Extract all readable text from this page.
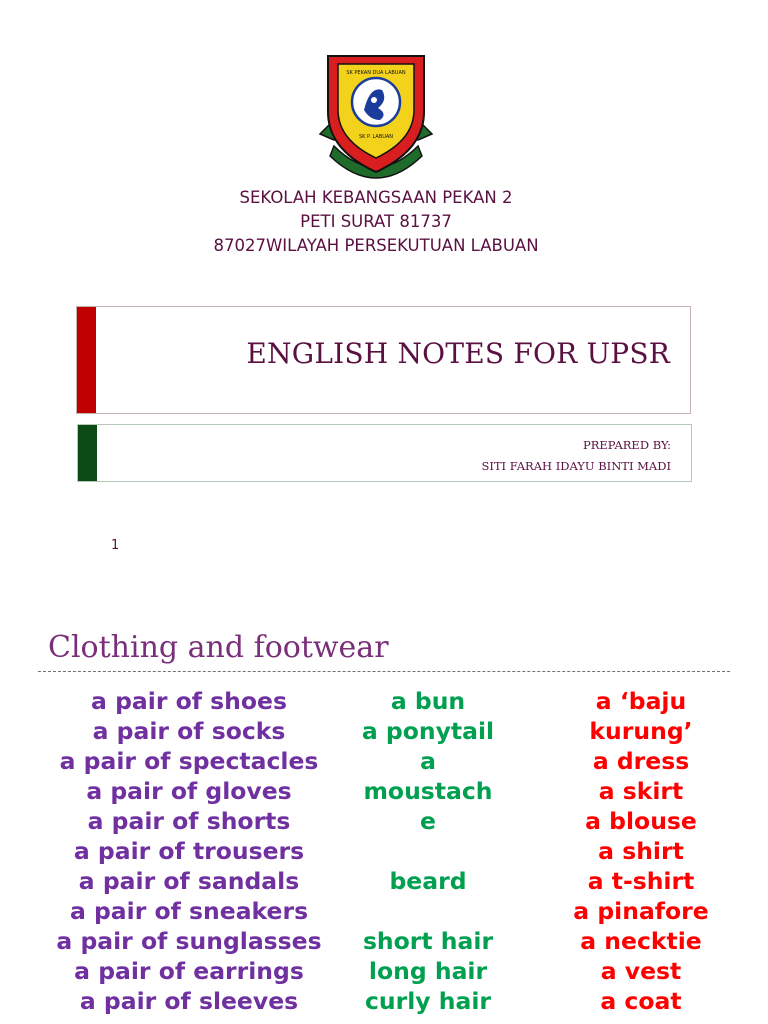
SK PEKAN DUA LABUAN
SK P. LABUAN
SEKOLAH KEBANGSAAN PEKAN 2
PETI SURAT 81737
87027WILAYAH PERSEKUTUAN LABUAN
ENGLISH NOTES FOR UPSR
PREPARED BY:
SITI FARAH IDAYU BINTI MADI
1
Clothing and footwear
a pair of shoes
a pair of socks
a pair of spectacles
a pair of gloves
a pair of shorts
a pair of trousers
a pair of sandals
a pair of sneakers
a pair of sunglasses
a pair of earrings
a pair of sleeves
a bun
a ponytail
a
moustach
e

beard

short hair
long hair
curly hair
a ‘baju
kurung’
a dress
a skirt
a blouse
a shirt
a t-shirt
a pinafore
a necktie
a vest
a coat
